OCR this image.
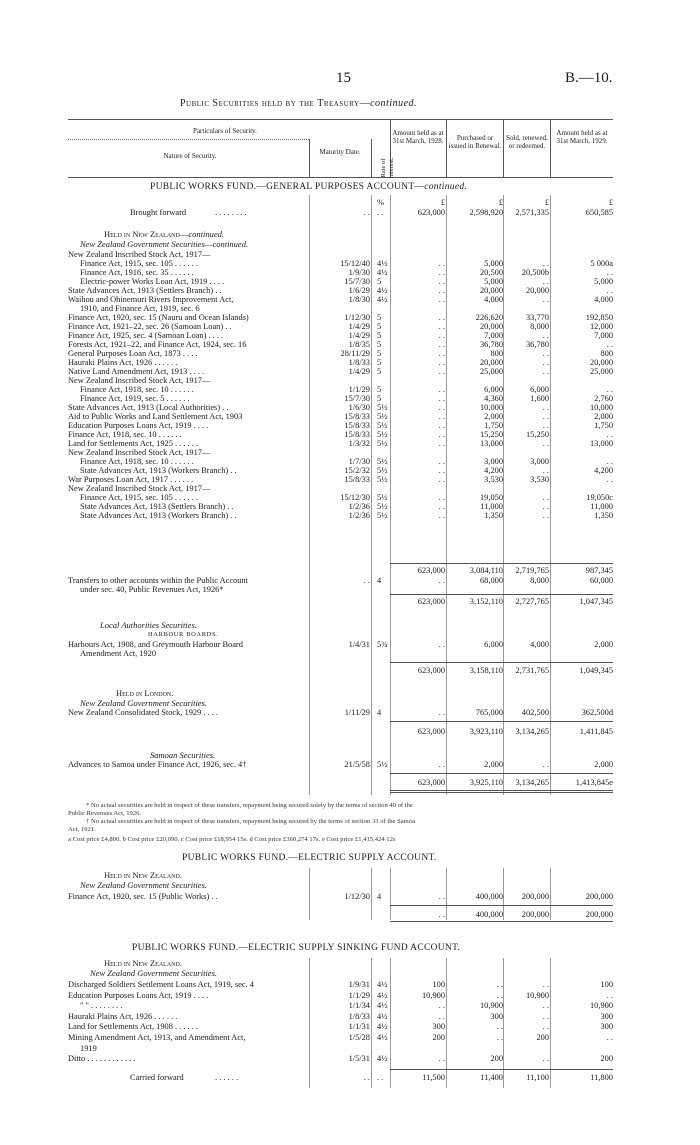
15	B.—10.
Public Securities held by the Treasury—continued.
Particulars of Security.
Nature of Security.	Maturity Date.
Rate of Interest.
Amount held as at 31st March, 1928.	Purchased or issued in Renewal.
Sold, renewed, or redeemed.
Amount held as at 31st March, 1929.
PUBLIC WORKS FUND.—GENERAL PURPOSES ACCOUNT—continued.
%	£	£	£	£
Brought forward	. . . . . . . .	. . . .	623,000	2,598,920	2,571,335	650,585
Held in New Zealand—continued.
New Zealand Government Securities—continued.
New Zealand Inscribed Stock Act, 1917—
Finance Act, 1915, sec. 105 . . . . . .	15/12/40 4½	. .	5,000	. .	5 000a
Finance Act, 1916, sec. 35 . . . . . .	1/9/30 4½	. .	20,500	20,500b	. .
Electric-power Works Loan Act, 1919 . . . .	15/7/30 5	. .	5,000	. .	5,000
State Advances Act, 1913 (Settlers Branch) . .	1/6/29 4½	. .	20,000	20,000	. .
Waihou and Ohinemuri Rivers Improvement Act,	1/8/30 4½	. .	4,000	. .	4,000
1910, and Finance Act, 1919, sec. 6
Finance Act, 1920, sec. 15 (Nauru and Ocean Islands)	1/12/30 5	. .	226,620	33,770	192,850
Finance Act, 1921–22, sec. 26 (Samoan Loan) . .	1/4/29 5	. .	20,000	8,000	12,000
Finance Act, 1925, sec. 4 (Samoan Loan) . . . .	1/4/29 5	. .	7,000	. .	7,000
Forests Act, 1921–22, and Finance Act, 1924, sec. 16	1/8/35 5	. .	36,780	36,780	. .
General Purposes Loan Act, 1873 . . . .	28/11/29 5	. .	800	. .	800
Hauraki Plains Act, 1926 . . . . . .	1/8/33 5	. .	20,000	. .	20,000
Native Land Amendment Act, 1913 . . . .	1/4/29 5	. .	25,000	. .	25,000
New Zealand Inscribed Stock Act, 1917—
Finance Act, 1918, sec. 10 . . . . . .	1/1/29 5	. .	6,000	6,000	. .
Finance Act, 1919, sec. 5 . . . . . .	15/7/30 5	. .	4,360	1,600	2,760
State Advances Act, 1913 (Local Authorities) . .	1/6/30 5½	. .	10,000	. .	10,000
Aid to Public Works and Land Settlement Act, 1903	15/8/33 5½	. .	2,000	. .	2,000
Education Purposes Loans Act, 1919 . . . .	15/8/33 5½	. .	1,750	. .	1,750
Finance Act, 1918, sec. 10 . . . . . .	15/8/33 5½	. .	15,250	15,250	. .
Land for Settlements Act, 1925 . . . . . .	1/3/32 5½	. .	13,000	. .	13,000
New Zealand Inscribed Stock Act, 1917—
Finance Act, 1918, sec. 10 . . . . . .	1/7/30 5½	. .	3,000	3,000	. .
State Advances Act, 1913 (Workers Branch) . .	15/2/32 5½	. .	4,200	. .	4,200
War Purposes Loan Act, 1917 . . . . . .	15/8/33 5½	. .	3,530	3,530	. .
New Zealand Inscribed Stock Act, 1917—
Finance Act, 1915, sec. 105 . . . . . .	15/12/30 5½	. .	19,050	. .	19,050c
State Advances Act, 1913 (Settlers Branch) . .	1/2/36 5½	. .	11,000	. .	11,000
State Advances Act, 1913 (Workers Branch) . .	1/2/36 5½	. .	1,350	. .	1,350
623,000	3,084,110	2,719,765	987,345
Transfers to other accounts within the Public Account	. . 4	. .	68,000	8,000	60,000
under sec. 40, Public Revenues Act, 1926*
623,000	3,152,110	2,727,765	1,047,345
Local Authorities Securities.
HARBOUR BOARDS.
Harbours Act, 1908, and Greymouth Harbour Board	1/4/31 5¾	. .	6,000	4,000	2,000
Amendment Act, 1920
623,000	3,158,110	2,731,765	1,049,345
Held in London.
New Zealand Government Securities.
New Zealand Consolidated Stock, 1929 . . . .	1/11/29 4	. .	765,000	402,500	362,500d
623,000	3,923,110	3,134,265	1,411,845
Samoan Securities.
Advances to Samoa under Finance Act, 1926, sec. 4†	21/5/58 5½	. .	2,000	. .	2,000
623,000	3,925,110	3,134,265	1,413,845e
* No actual securities are held in respect of these transfers, repayment being secured solely by the terms of section 40 of the
Public Revenues Act, 1926.
† No actual securities are held in respect of these transfers, repayment being secured by the terms of section 33 of the Samoa
Act, 1921.
a Cost price £4,800. b Cost price £20,090. c Cost price £18,954 15s. d Cost price £360,274 17s. e Cost price £1,415,424 12s
PUBLIC WORKS FUND.—ELECTRIC SUPPLY ACCOUNT.
Held in New Zealand.
New Zealand Government Securities.
Finance Act, 1920, sec. 15 (Public Works) . .	1/12/30 4	. .	400,000	200,000	200,000
. .	400,000	200,000	200,000
PUBLIC WORKS FUND.—ELECTRIC SUPPLY SINKING FUND ACCOUNT.
Held in New Zealand.
New Zealand Government Securities.
Discharged Soldiers Settlement Loans Act, 1919, sec. 4	1/9/31 4½	100	. .	. .	100
Education Purposes Loans Act, 1919 . . . .	1/1/29 4½	10,900	. .	10,900	. .
" " . . . . . . . .	1/1/34 4½	. .	10,900	. .	10,900
Hauraki Plains Act, 1926 . . . . . .	1/8/33 4½	. .	300	. .	300
Land for Settlements Act, 1908 . . . . . .	1/1/31 4½	300	. .	. .	300
Mining Amendment Act, 1913, and Amendment Act,	1/5/28 4½	200	. .	200	. .
1919
Ditto . . . . . . . . . . . .	1/5/31 4½	. .	200	. .	200
Carried forward	. . . . . .	. . . .	11,500	11,400	11,100	11,800
